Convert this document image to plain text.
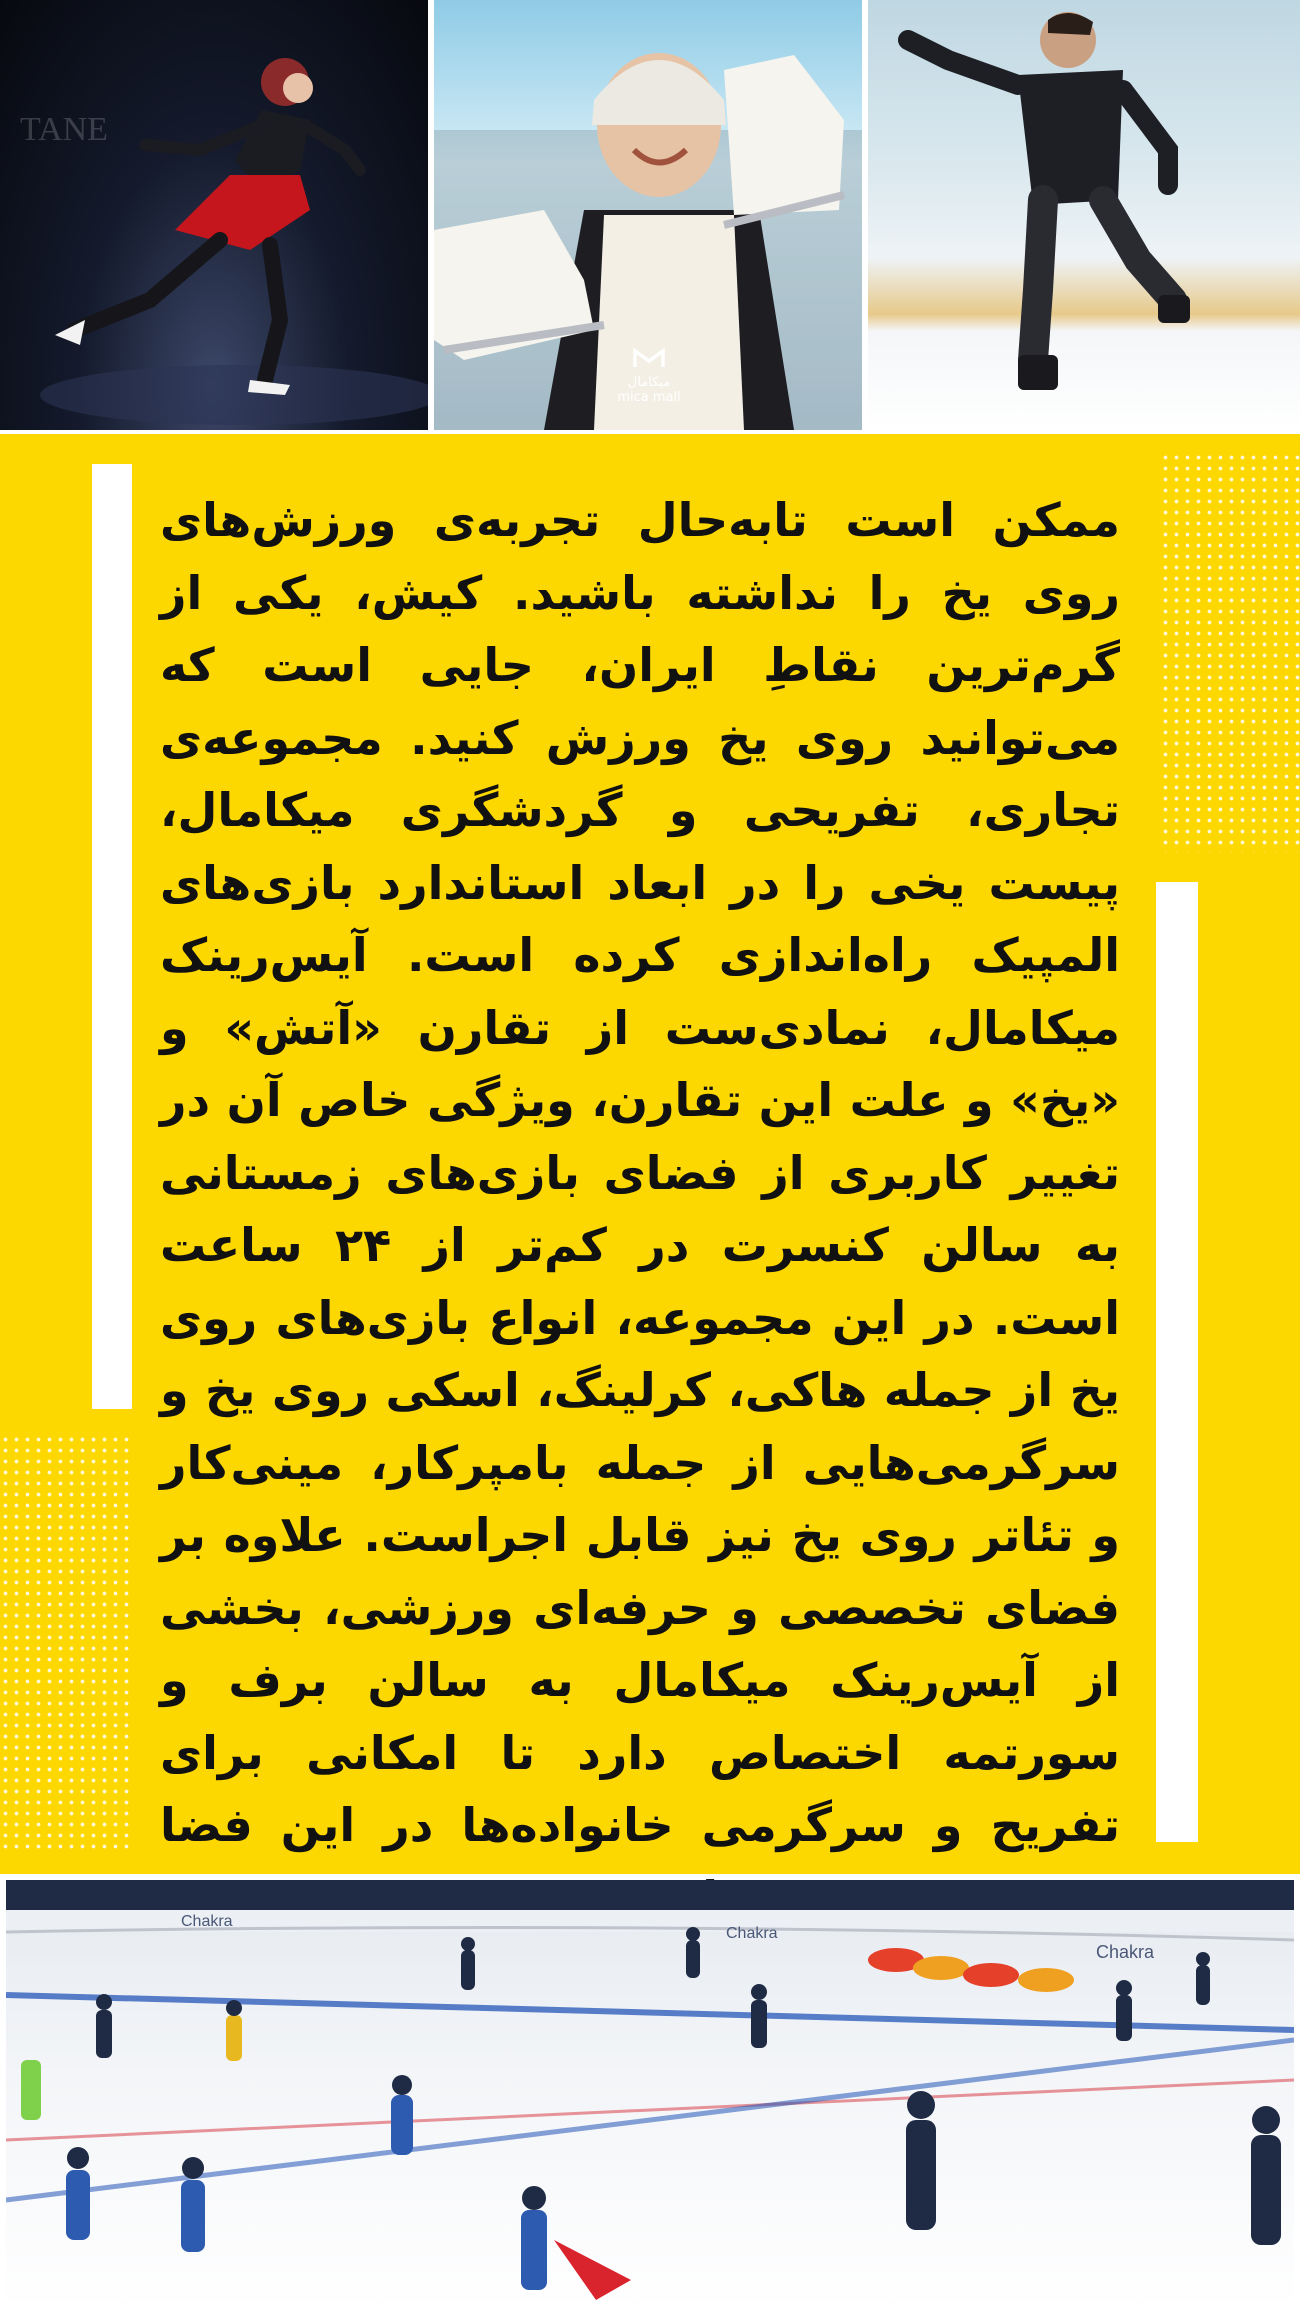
TANE
میکامال
mica mall

ممکن است تابه‌حال تجربه‌ی ورزش‌های روی یخ را نداشته باشید. کیش، یکی از گرم‌ترین نقاطِ ایران، جایی است که می‌توانید روی یخ ورزش کنید. مجموعه‌ی تجاری، تفریحی و گردشگری میکامال، پیست یخی را در ابعاد استاندارد بازی‌های المپیک راه‌اندازی کرده است. آیس‌رینک میکامال، نمادی‌ست از تقارن «آتش» و «یخ» و علت این تقارن، ویژگی خاص آن در تغییر کاربری از فضای بازی‌های زمستانی به سالن کنسرت در کم‌تر از ۲۴ ساعت است. در این مجموعه، انواع بازی‌های روی یخ از جمله هاکی، کرلینگ، اسکی روی یخ و سرگرمی‌هایی از جمله بامپرکار، مینی‌کار و تئاتر روی یخ نیز قابل اجراست. علاوه بر فضای تخصصی و حرفه‌ای ورزشی، بخشی از آیس‌رینک میکامال به سالن برف و سورتمه اختصاص دارد تا امکانی برای تفریح و سرگرمی خانواده‌ها در این فضا

Chakra
Chakra
Chakra
